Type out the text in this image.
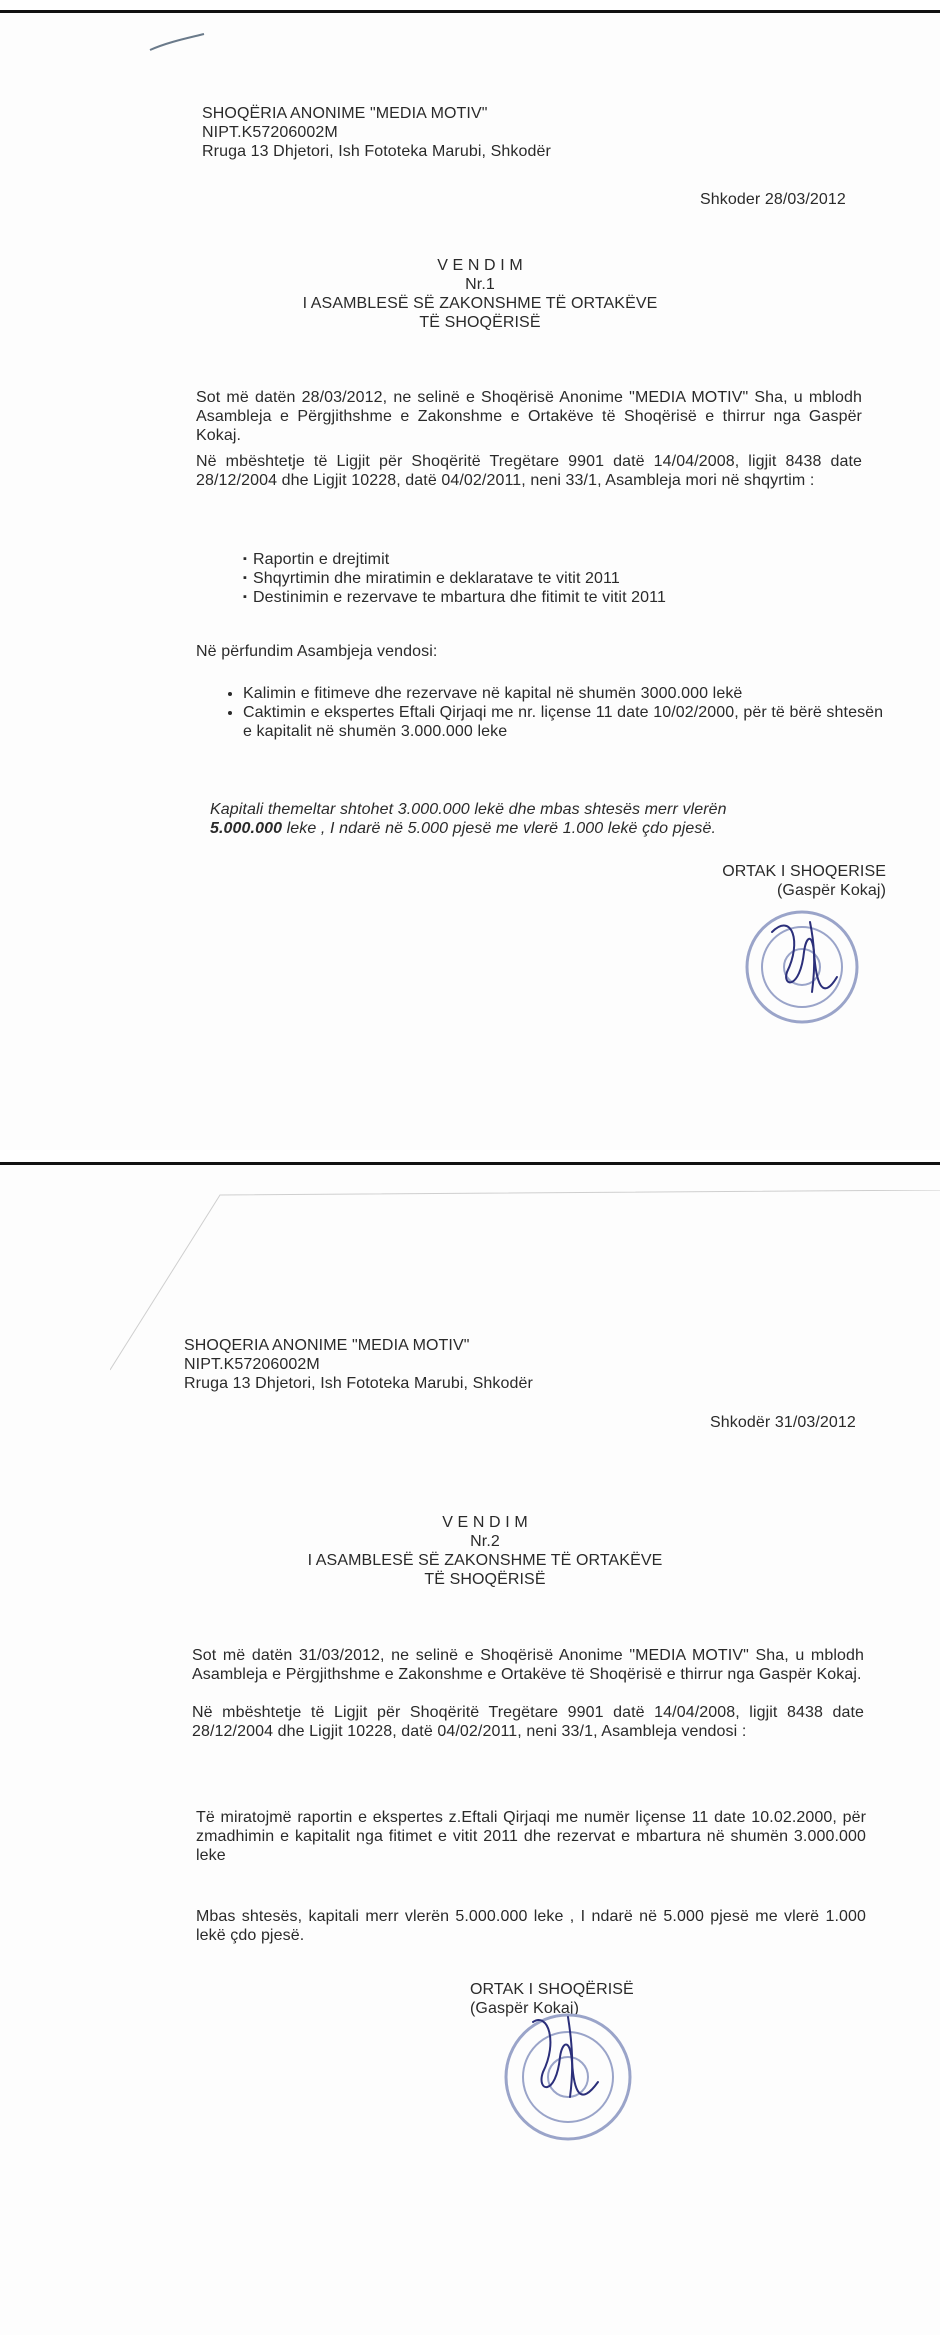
SHOQËRIA ANONIME "MEDIA MOTIV"
NIPT.K57206002M
Rruga 13 Dhjetori, Ish Fototeka Marubi, Shkodër
Shkoder 28/03/2012
V E N D I M
Nr.1
I ASAMBLESË SË ZAKONSHME TË ORTAKËVE
TË SHOQËRISË
Sot më datën 28/03/2012, ne selinë e Shoqërisë Anonime "MEDIA MOTIV" Sha, u mblodh Asambleja e Përgjithshme e Zakonshme e Ortakëve të Shoqërisë e thirrur nga Gaspër Kokaj.
Në mbështetje të Ligjit për Shoqëritë Tregëtare 9901 datë 14/04/2008, ligjit 8438 date 28/12/2004 dhe Ligjit 10228, datë 04/02/2011, neni 33/1, Asambleja mori në shqyrtim :
▪ Raportin e drejtimit
▪ Shqyrtimin dhe miratimin e deklaratave te vitit 2011
▪ Destinimin e rezervave te mbartura dhe fitimit te vitit 2011
Në përfundim Asambjeja vendosi:
• Kalimin e fitimeve dhe rezervave në kapital në shumën 3000.000 lekë
• Caktimin e ekspertes Eftali Qirjaqi me nr. liçense 11 date 10/02/2000, për të bërë shtesën e kapitalit në shumën 3.000.000 leke
Kapitali themeltar shtohet 3.000.000 lekë dhe mbas shtesës merr vlerën
5.000.000 leke , I ndarë në 5.000 pjesë me vlerë 1.000 lekë çdo pjesë.
ORTAK I SHOQERISE
(Gaspër Kokaj)
SHOQERIA ANONIME "MEDIA MOTIV"
NIPT.K57206002M
Rruga 13 Dhjetori, Ish Fototeka Marubi, Shkodër
Shkodër 31/03/2012
V E N D I M
Nr.2
I ASAMBLESË SË ZAKONSHME TË ORTAKËVE
TË SHOQËRISË
Sot më datën 31/03/2012, ne selinë e Shoqërisë Anonime "MEDIA MOTIV" Sha, u mblodh Asambleja e Përgjithshme e Zakonshme e Ortakëve të Shoqërisë e thirrur nga Gaspër Kokaj.
Në mbështetje të Ligjit për Shoqëritë Tregëtare 9901 datë 14/04/2008, ligjit 8438 date 28/12/2004 dhe Ligjit 10228, datë 04/02/2011, neni 33/1, Asambleja vendosi :
Të miratojmë raportin e ekspertes z.Eftali Qirjaqi me numër liçense 11 date 10.02.2000, për zmadhimin e kapitalit nga fitimet e vitit 2011 dhe rezervat e mbartura në shumën 3.000.000 leke
Mbas shtesës, kapitali merr vlerën 5.000.000 leke , I ndarë në 5.000 pjesë me vlerë 1.000 lekë çdo pjesë.
ORTAK I SHOQËRISË
(Gaspër Kokaj)
